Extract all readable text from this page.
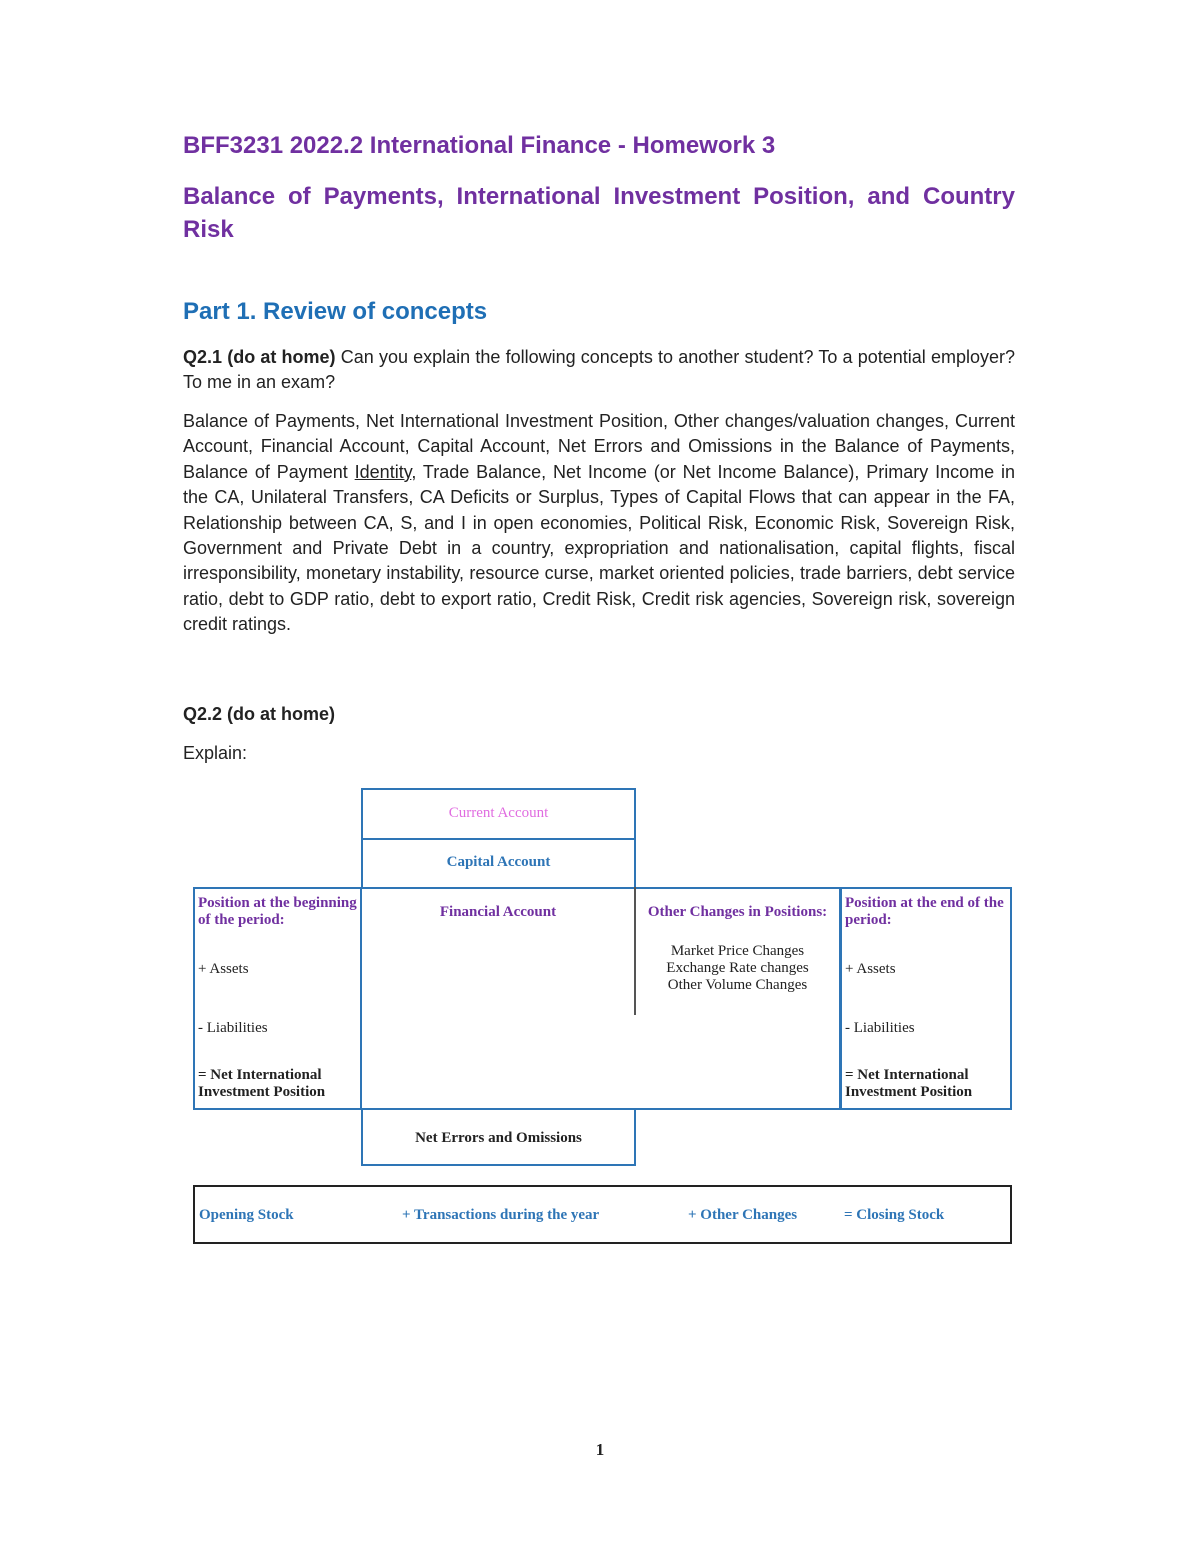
BFF3231 2022.2 International Finance - Homework 3
Balance of Payments, International Investment Position, and Country Risk
Part 1. Review of concepts

Q2.1 (do at home) Can you explain the following concepts to another student? To a potential employer? To me in an exam?

Balance of Payments, Net International Investment Position, Other changes/valuation changes, Current Account, Financial Account, Capital Account, Net Errors and Omissions in the Balance of Payments, Balance of Payment Identity, Trade Balance, Net Income (or Net Income Balance), Primary Income in the CA, Unilateral Transfers, CA Deficits or Surplus, Types of Capital Flows that can appear in the FA, Relationship between CA, S, and I in open economies, Political Risk, Economic Risk, Sovereign Risk, Government and Private Debt in a country, expropriation and nationalisation, capital flights, fiscal irresponsibility, monetary instability, resource curse, market oriented policies, trade barriers, debt service ratio, debt to GDP ratio, debt to export ratio, Credit Risk, Credit risk agencies, Sovereign risk, sovereign credit ratings.

Q2.2 (do at home)

Explain:

Current Account
Capital Account
Position at the beginning of the period:
+ Assets
- Liabilities
= Net International Investment Position
Financial Account	Other Changes in Positions:
Market Price Changes
Exchange Rate changes
Other Volume Changes
Position at the end of the period:
+ Assets
- Liabilities
= Net International Investment Position
Net Errors and Omissions
Opening Stock	+ Transactions during the year	+ Other Changes	= Closing Stock
1
